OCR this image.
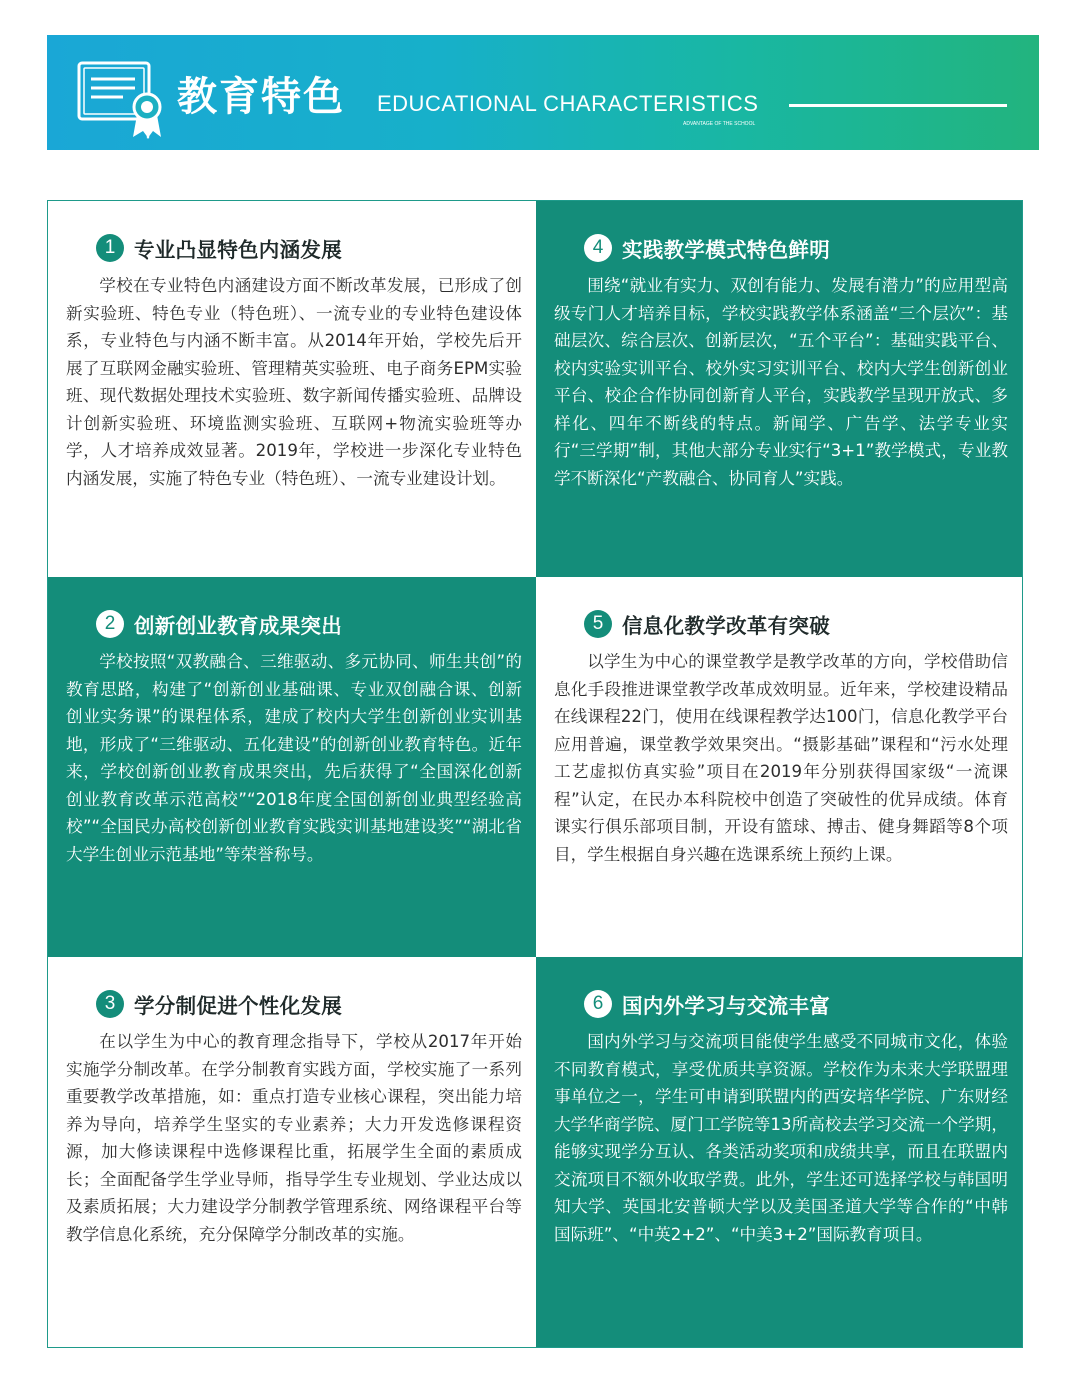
教育特色 EDUCATIONAL CHARACTERISTICS
ADVANTAGE OF THE SCHOOL
1 专业凸显特色内涵发展
学校在专业特色内涵建设方面不断改革发展，已形成了创新实验班、特色专业（特色班）、一流专业的专业特色建设体系，专业特色与内涵不断丰富。从2014年开始，学校先后开展了互联网金融实验班、管理精英实验班、电子商务EPM实验班、现代数据处理技术实验班、数字新闻传播实验班、品牌设计创新实验班、环境监测实验班、互联网+物流实验班等办学，人才培养成效显著。2019年，学校进一步深化专业特色内涵发展，实施了特色专业（特色班）、一流专业建设计划。
4 实践教学模式特色鲜明
围绕“就业有实力、双创有能力、发展有潜力”的应用型高级专门人才培养目标，学校实践教学体系涵盖“三个层次”：基础层次、综合层次、创新层次，“五个平台”：基础实践平台、校内实验实训平台、校外实习实训平台、校内大学生创新创业平台、校企合作协同创新育人平台，实践教学呈现开放式、多样化、四年不断线的特点。新闻学、广告学、法学专业实行“三学期”制，其他大部分专业实行“3+1”教学模式，专业教学不断深化“产教融合、协同育人”实践。
2 创新创业教育成果突出
学校按照“双教融合、三维驱动、多元协同、师生共创”的教育思路，构建了“创新创业基础课、专业双创融合课、创新创业实务课”的课程体系，建成了校内大学生创新创业实训基地，形成了“三维驱动、五化建设”的创新创业教育特色。近年来，学校创新创业教育成果突出，先后获得了“全国深化创新创业教育改革示范高校”“2018年度全国创新创业典型经验高校”“全国民办高校创新创业教育实践实训基地建设奖”“湖北省大学生创业示范基地”等荣誉称号。
5 信息化教学改革有突破
以学生为中心的课堂教学是教学改革的方向，学校借助信息化手段推进课堂教学改革成效明显。近年来，学校建设精品在线课程22门，使用在线课程教学达100门，信息化教学平台应用普遍，课堂教学效果突出。“摄影基础”课程和“污水处理工艺虚拟仿真实验”项目在2019年分别获得国家级“一流课程”认定，在民办本科院校中创造了突破性的优异成绩。体育课实行俱乐部项目制，开设有篮球、搏击、健身舞蹈等8个项目，学生根据自身兴趣在选课系统上预约上课。
3 学分制促进个性化发展
在以学生为中心的教育理念指导下，学校从2017年开始实施学分制改革。在学分制教育实践方面，学校实施了一系列重要教学改革措施，如：重点打造专业核心课程，突出能力培养为导向，培养学生坚实的专业素养；大力开发选修课程资源，加大修读课程中选修课程比重，拓展学生全面的素质成长；全面配备学生学业导师，指导学生专业规划、学业达成以及素质拓展；大力建设学分制教学管理系统、网络课程平台等教学信息化系统，充分保障学分制改革的实施。
6 国内外学习与交流丰富
国内外学习与交流项目能使学生感受不同城市文化，体验不同教育模式，享受优质共享资源。学校作为未来大学联盟理事单位之一，学生可申请到联盟内的西安培华学院、广东财经大学华商学院、厦门工学院等13所高校去学习交流一个学期，能够实现学分互认、各类活动奖项和成绩共享，而且在联盟内交流项目不额外收取学费。此外，学生还可选择学校与韩国明知大学、英国北安普顿大学以及美国圣道大学等合作的“中韩国际班”、“中英2+2”、“中美3+2”国际教育项目。
